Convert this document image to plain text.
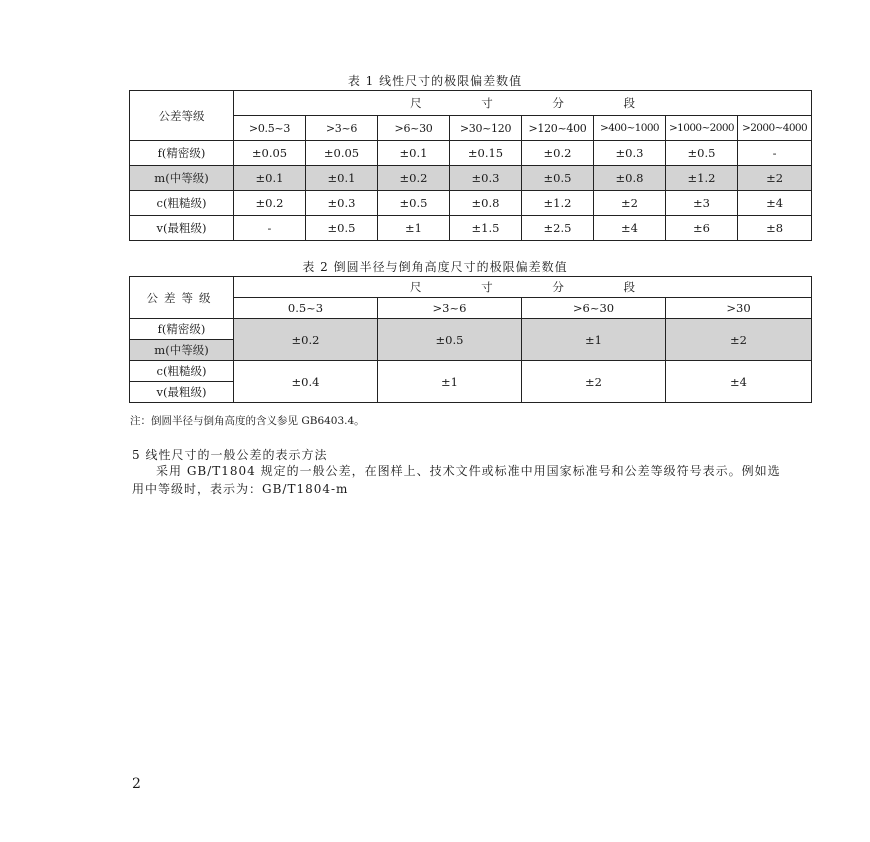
表 1 线性尺寸的极限偏差数值
公差等级	尺 寸 分 段							
	>0.5~3	>3~6	>6~30	>30~120	>120~400	>400~1000	>1000~2000	>2000~4000
f(精密级)	±0.05	±0.05	±0.1	±0.15	±0.2	±0.3	±0.5	-
m(中等级)	±0.1	±0.1	±0.2	±0.3	±0.5	±0.8	±1.2	±2
c(粗糙级)	±0.2	±0.3	±0.5	±0.8	±1.2	±2	±3	±4
v(最粗级)	-	±0.5	±1	±1.5	±2.5	±4	±6	±8
表 2 倒圆半径与倒角高度尺寸的极限偏差数值
公差等级	尺 寸 分 段			
	0.5~3	>3~6	>6~30	>30
f(精密级)	±0.2	±0.5	±1	±2
m(中等级)				
c(粗糙级)	±0.4	±1	±2	±4
v(最粗级)				
注：倒圆半径与倒角高度的含义参见 GB6403.4。
5 线性尺寸的一般公差的表示方法
采用 GB/T1804 规定的一般公差，在图样上、技术文件或标准中用国家标准号和公差等级符号表示。例如选用中等级时，表示为：GB/T1804-m
2
